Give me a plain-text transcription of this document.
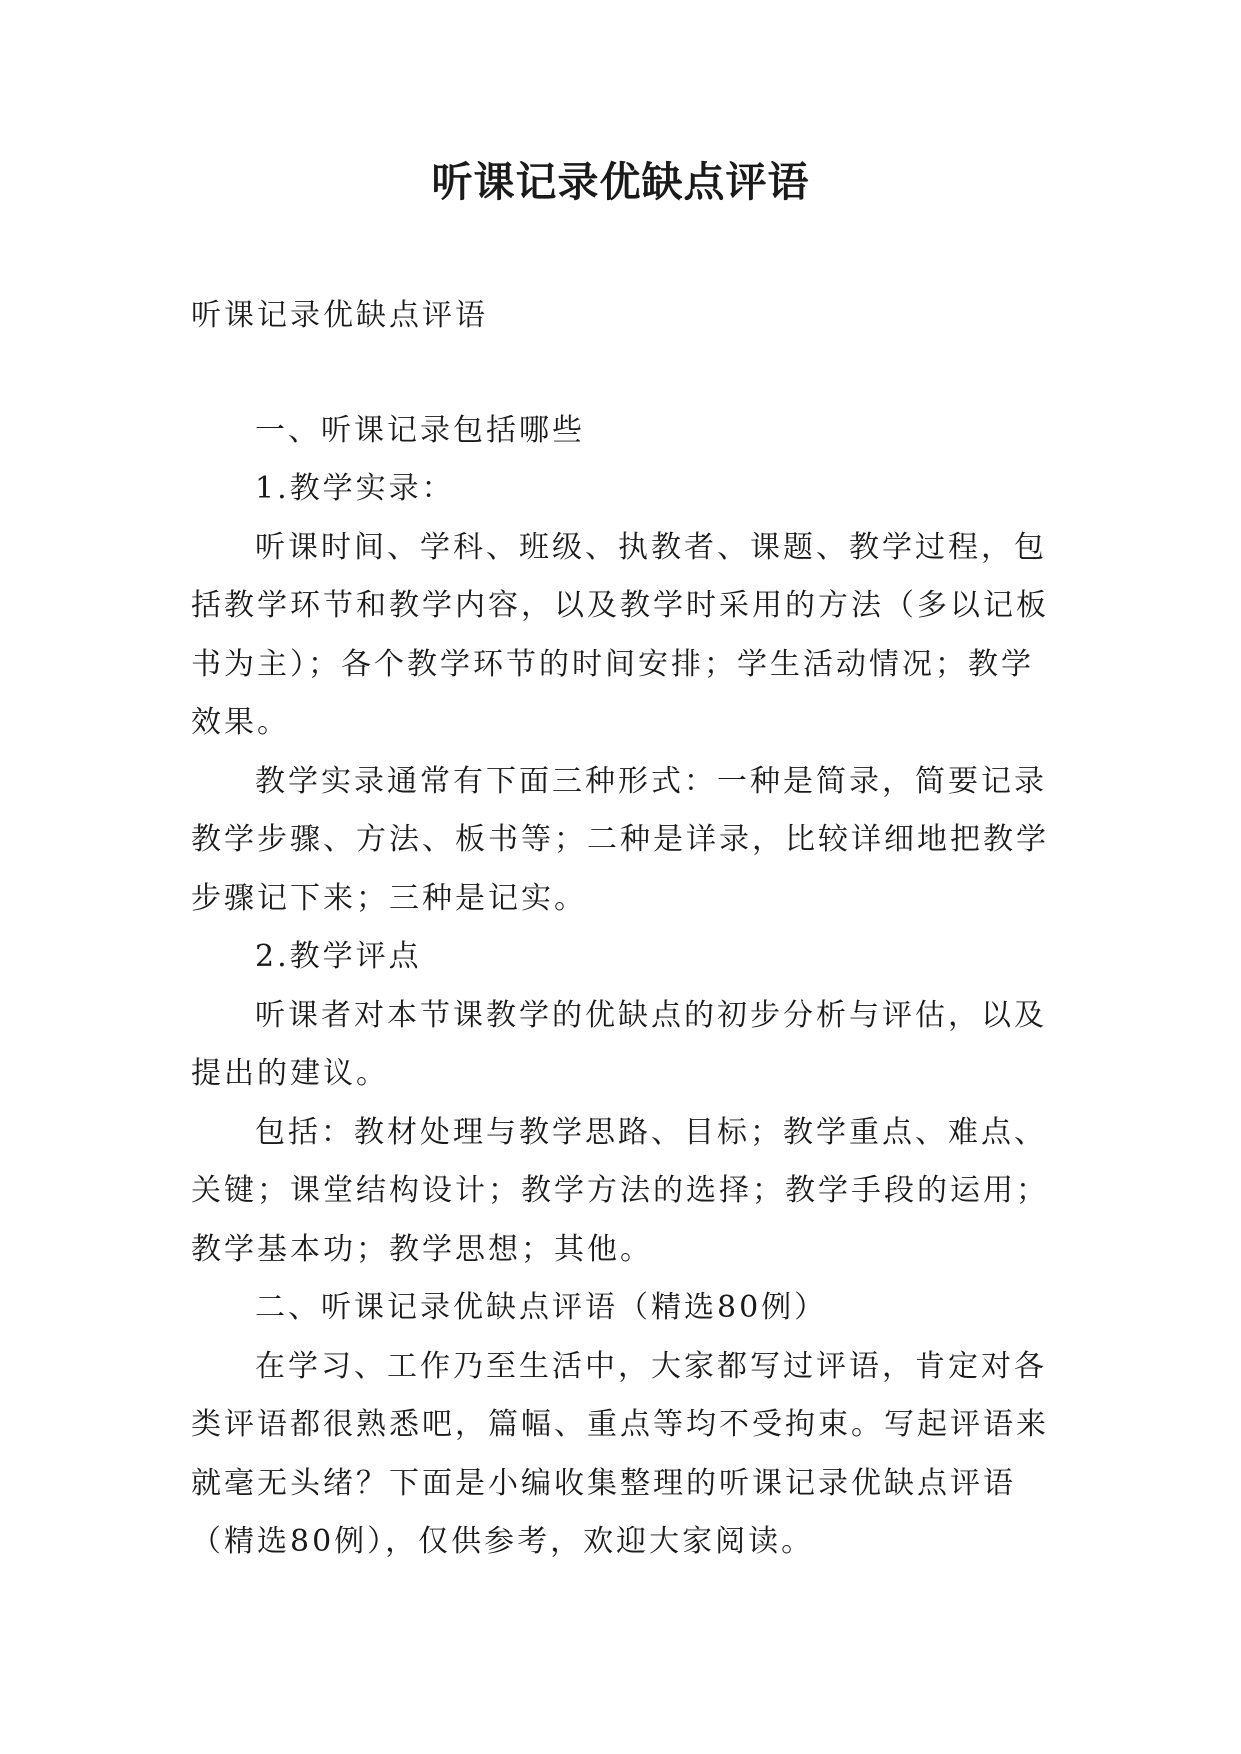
听课记录优缺点评语
听课记录优缺点评语
一、听课记录包括哪些
1.教学实录：
听课时间、学科、班级、执教者、课题、教学过程，包
括教学环节和教学内容，以及教学时采用的方法（多以记板
书为主）；各个教学环节的时间安排；学生活动情况；教学
效果。
教学实录通常有下面三种形式：一种是简录，简要记录
教学步骤、方法、板书等；二种是详录，比较详细地把教学
步骤记下来；三种是记实。
2.教学评点
听课者对本节课教学的优缺点的初步分析与评估，以及
提出的建议。
包括：教材处理与教学思路、目标；教学重点、难点、
关键；课堂结构设计；教学方法的选择；教学手段的运用；
教学基本功；教学思想；其他。
二、听课记录优缺点评语（精选80例）
在学习、工作乃至生活中，大家都写过评语，肯定对各
类评语都很熟悉吧，篇幅、重点等均不受拘束。写起评语来
就毫无头绪？下面是小编收集整理的听课记录优缺点评语
（精选80例），仅供参考，欢迎大家阅读。
